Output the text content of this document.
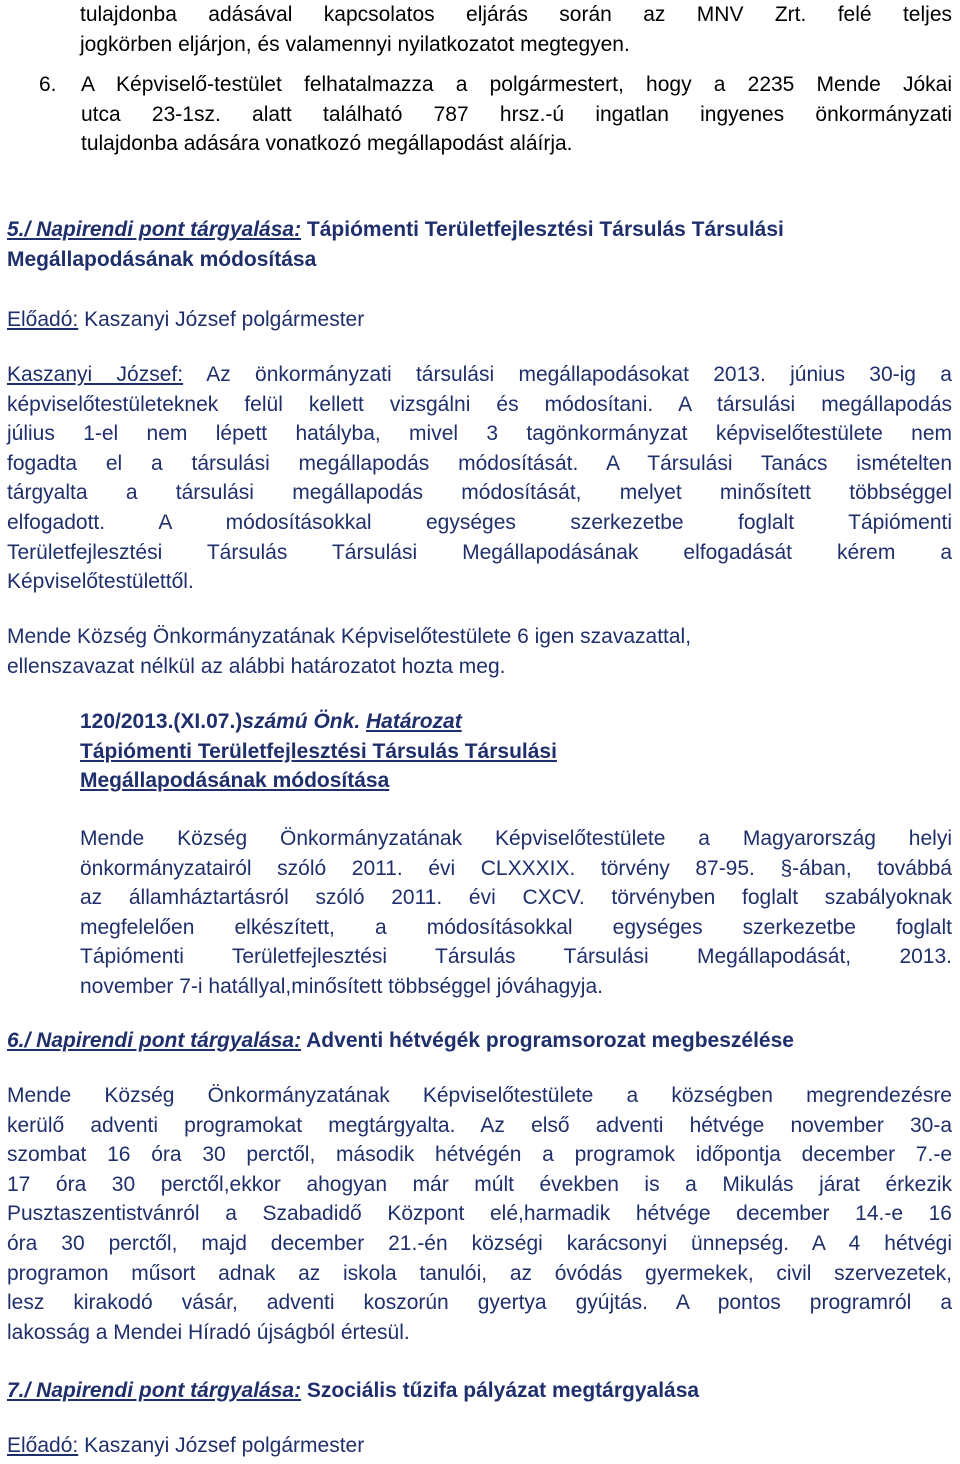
tulajdonba adásával kapcsolatos eljárás során az MNV Zrt. felé teljes
jogkörben eljárjon, és valamennyi nyilatkozatot megtegyen.
6. A Képviselő-testület felhatalmazza a polgármestert, hogy a 2235 Mende Jókai
utca 23-1sz. alatt található 787 hrsz.-ú ingatlan ingyenes önkormányzati
tulajdonba adására vonatkozó megállapodást aláírja.
5./ Napirendi pont tárgyalása: Tápiómenti Területfejlesztési Társulás Társulási
Megállapodásának módosítása
Előadó: Kaszanyi József polgármester
Kaszanyi József: Az önkormányzati társulási megállapodásokat 2013. június 30-ig a
képviselőtestületeknek felül kellett vizsgálni és módosítani. A társulási megállapodás
július 1-el nem lépett hatályba, mivel 3 tagönkormányzat képviselőtestülete nem
fogadta el a társulási megállapodás módosítását. A Társulási Tanács ismételten
tárgyalta a társulási megállapodás módosítását, melyet minősített többséggel
elfogadott. A módosításokkal egységes szerkezetbe foglalt Tápiómenti
Területfejlesztési Társulás Társulási Megállapodásának elfogadását kérem a
Képviselőtestülettől.
Mende Község Önkormányzatának Képviselőtestülete 6 igen szavazattal,
ellenszavazat nélkül az alábbi határozatot hozta meg.
120/2013.(XI.07.)számú Önk. Határozat
Tápiómenti Területfejlesztési Társulás Társulási
Megállapodásának módosítása
Mende Község Önkormányzatának Képviselőtestülete a Magyarország helyi
önkormányzatairól szóló 2011. évi CLXXXIX. törvény 87-95. §-ában, továbbá
az államháztartásról szóló 2011. évi CXCV. törvényben foglalt szabályoknak
megfelelően elkészített, a módosításokkal egységes szerkezetbe foglalt
Tápiómenti Területfejlesztési Társulás Társulási Megállapodását, 2013.
november 7-i hatállyal,minősített többséggel jóváhagyja.
6./ Napirendi pont tárgyalása: Adventi hétvégék programsorozat megbeszélése
Mende Község Önkormányzatának Képviselőtestülete a községben megrendezésre
kerülő adventi programokat megtárgyalta. Az első adventi hétvége november 30-a
szombat 16 óra 30 perctől, második hétvégén a programok időpontja december 7.-e
17 óra 30 perctől,ekkor ahogyan már múlt években is a Mikulás járat érkezik
Pusztaszentistvánról a Szabadidő Központ elé,harmadik hétvége december 14.-e 16
óra 30 perctől, majd december 21.-én községi karácsonyi ünnepség. A 4 hétvégi
programon műsort adnak az iskola tanulói, az óvódás gyermekek, civil szervezetek,
lesz kirakodó vásár, adventi koszorún gyertya gyújtás. A pontos programról a
lakosság a Mendei Híradó újságból értesül.
7./ Napirendi pont tárgyalása: Szociális tűzifa pályázat megtárgyalása
Előadó: Kaszanyi József polgármester
